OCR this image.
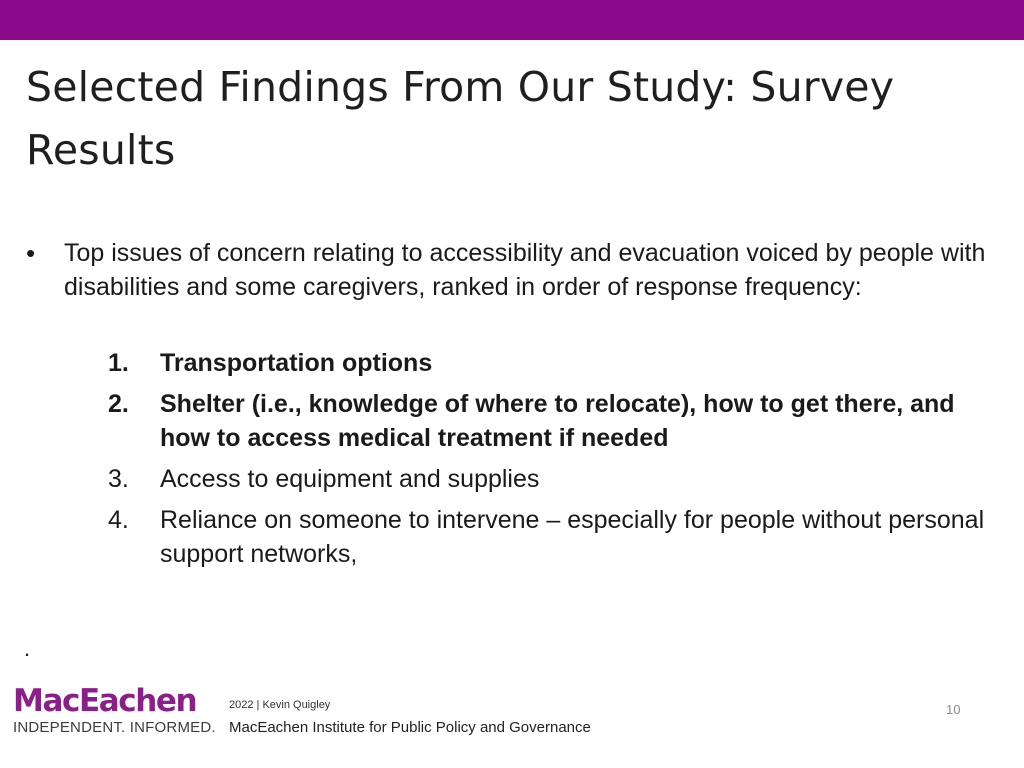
Selected Findings From Our Study: Survey Results
• Top issues of concern relating to accessibility and evacuation voiced by people with disabilities and some caregivers, ranked in order of response frequency:
1.	Transportation options
2.	Shelter (i.e., knowledge of where to relocate), how to get there, and how to access medical treatment if needed
3.	Access to equipment and supplies
4.	Reliance on someone to intervene – especially for people without personal support networks,
.
MacEachen
INDEPENDENT. INFORMED.
2022 | Kevin Quigley
MacEachen Institute for Public Policy and Governance
10
